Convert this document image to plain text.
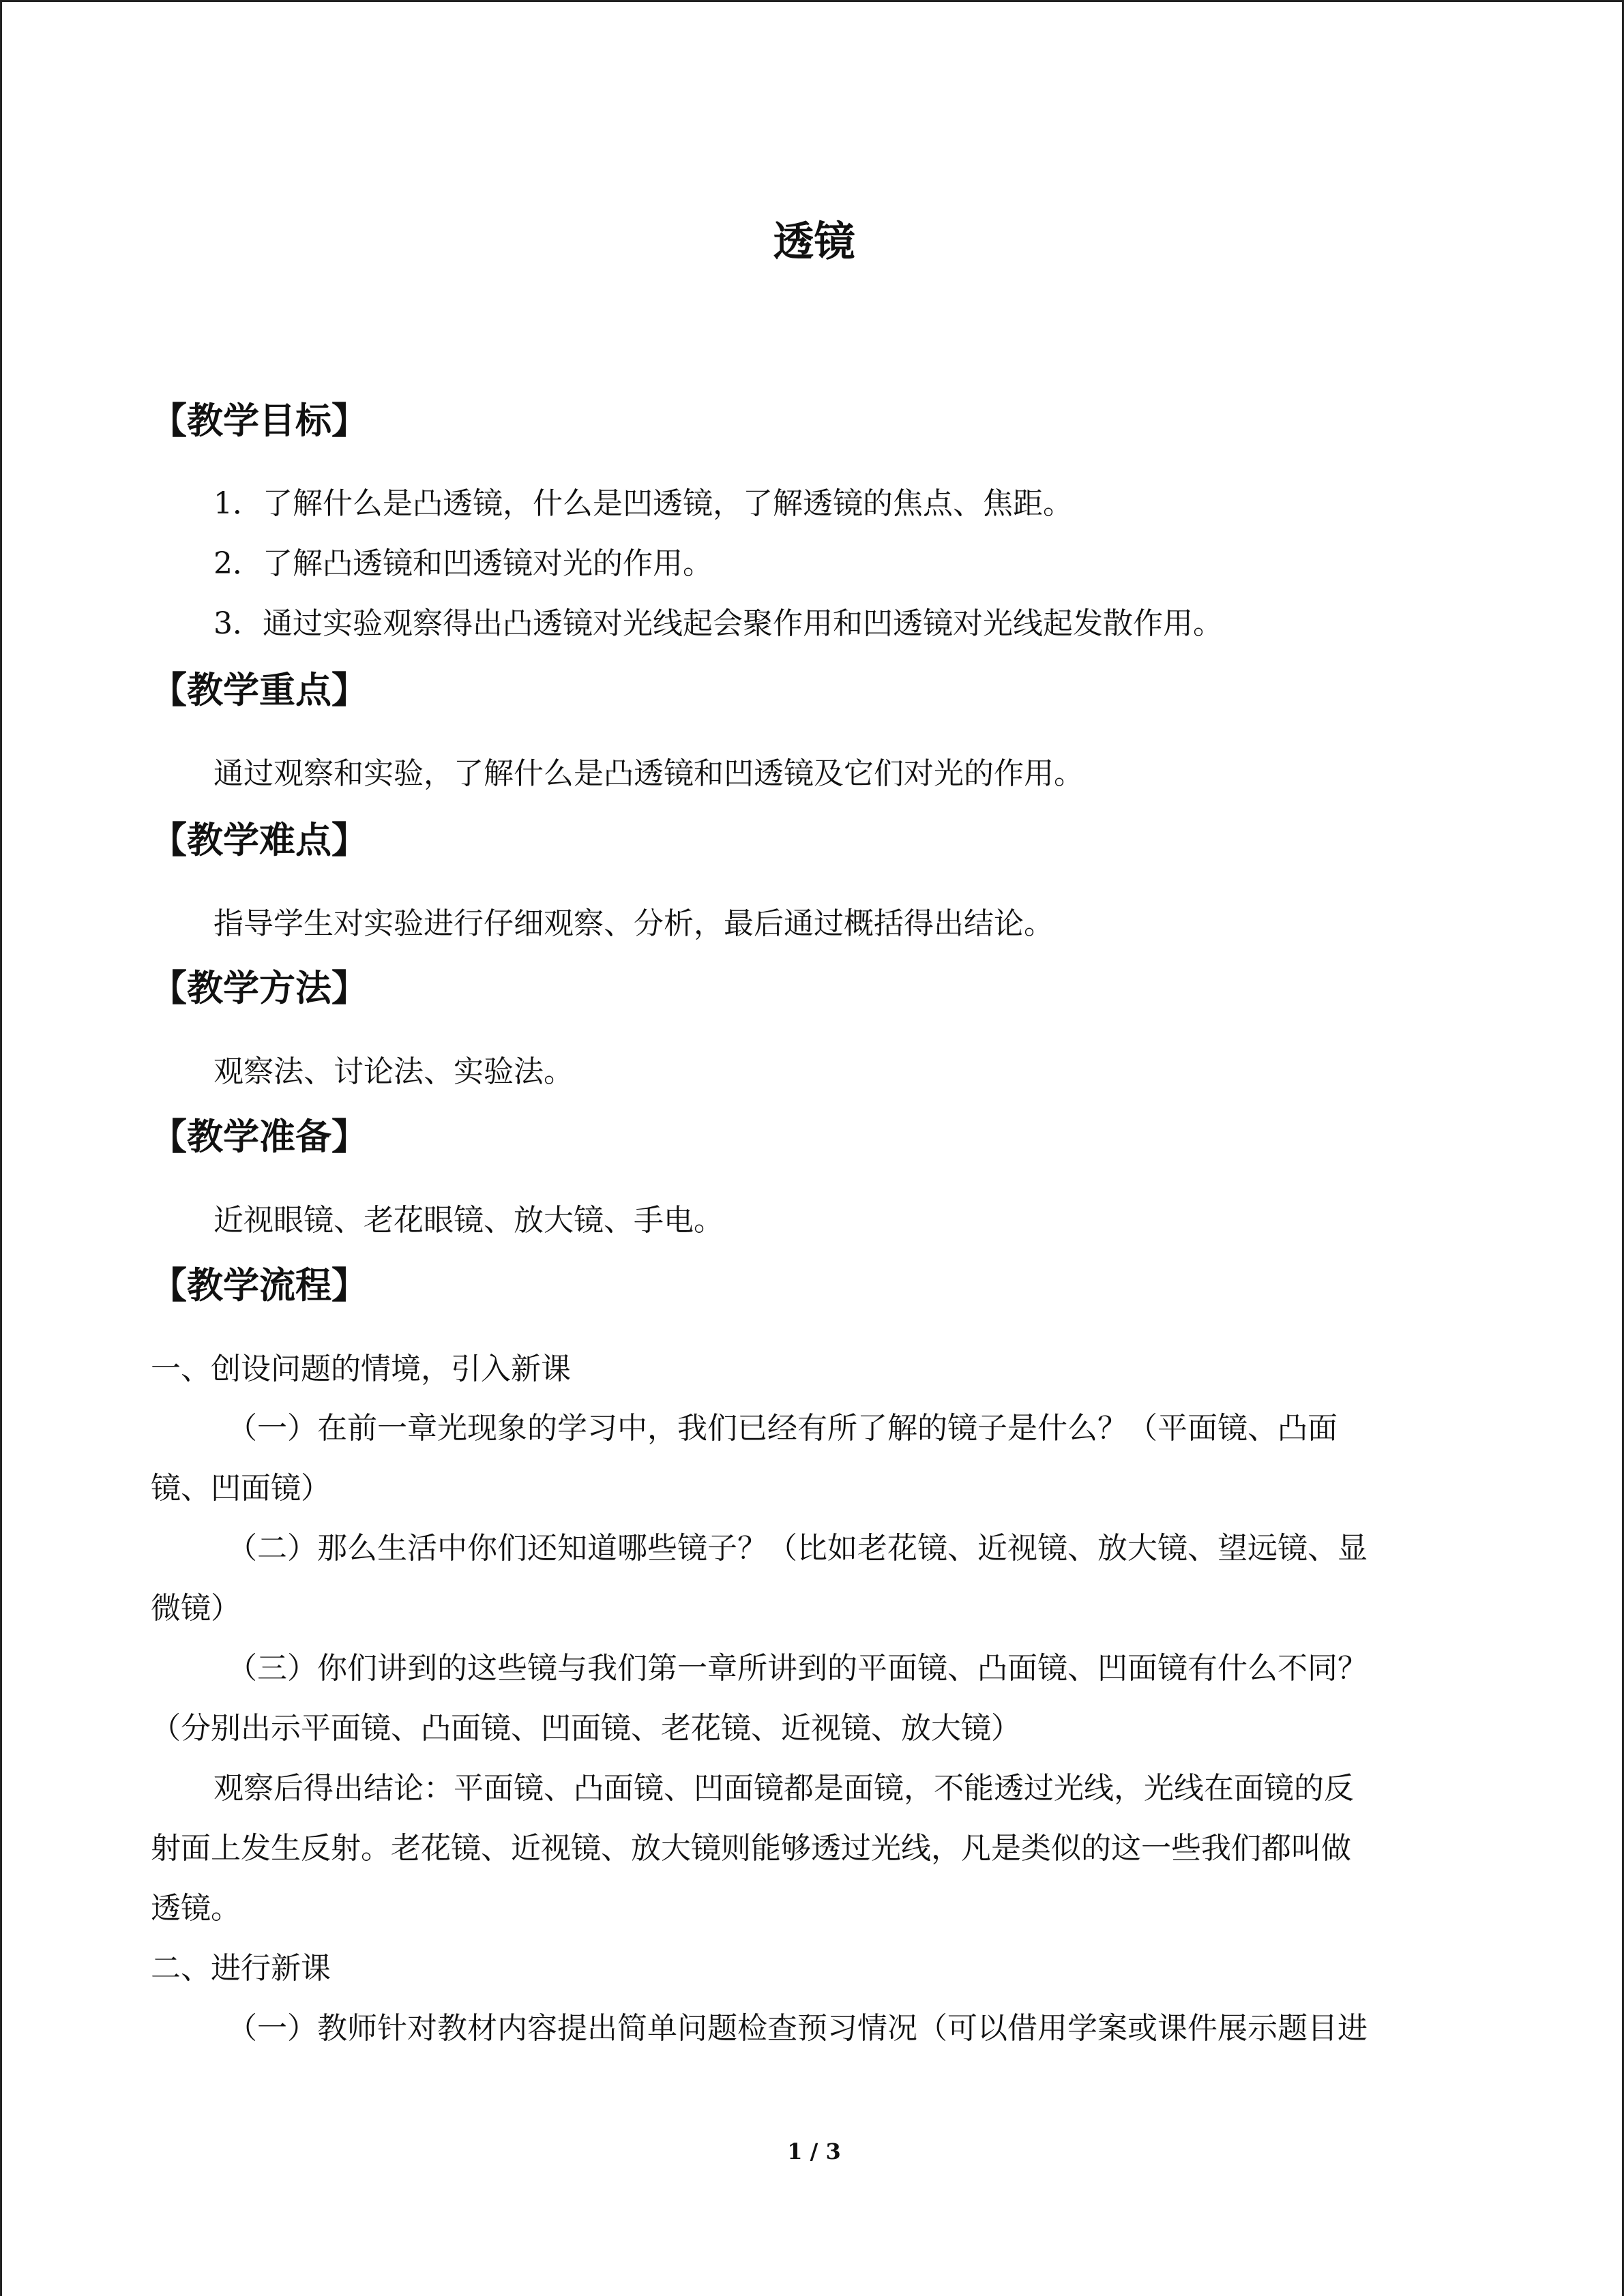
透镜
【教学目标】
1．了解什么是凸透镜，什么是凹透镜，了解透镜的焦点、焦距。
2．了解凸透镜和凹透镜对光的作用。
3．通过实验观察得出凸透镜对光线起会聚作用和凹透镜对光线起发散作用。
【教学重点】
通过观察和实验，了解什么是凸透镜和凹透镜及它们对光的作用。
【教学难点】
指导学生对实验进行仔细观察、分析，最后通过概括得出结论。
【教学方法】
观察法、讨论法、实验法。
【教学准备】
近视眼镜、老花眼镜、放大镜、手电。
【教学流程】
一、创设问题的情境，引入新课
（一）在前一章光现象的学习中，我们已经有所了解的镜子是什么？（平面镜、凸面
镜、凹面镜）
（二）那么生活中你们还知道哪些镜子？（比如老花镜、近视镜、放大镜、望远镜、显
微镜）
（三）你们讲到的这些镜与我们第一章所讲到的平面镜、凸面镜、凹面镜有什么不同？
（分别出示平面镜、凸面镜、凹面镜、老花镜、近视镜、放大镜）
观察后得出结论：平面镜、凸面镜、凹面镜都是面镜，不能透过光线，光线在面镜的反
射面上发生反射。老花镜、近视镜、放大镜则能够透过光线，凡是类似的这一些我们都叫做
透镜。
二、进行新课
（一）教师针对教材内容提出简单问题检查预习情况（可以借用学案或课件展示题目进
1 / 3
